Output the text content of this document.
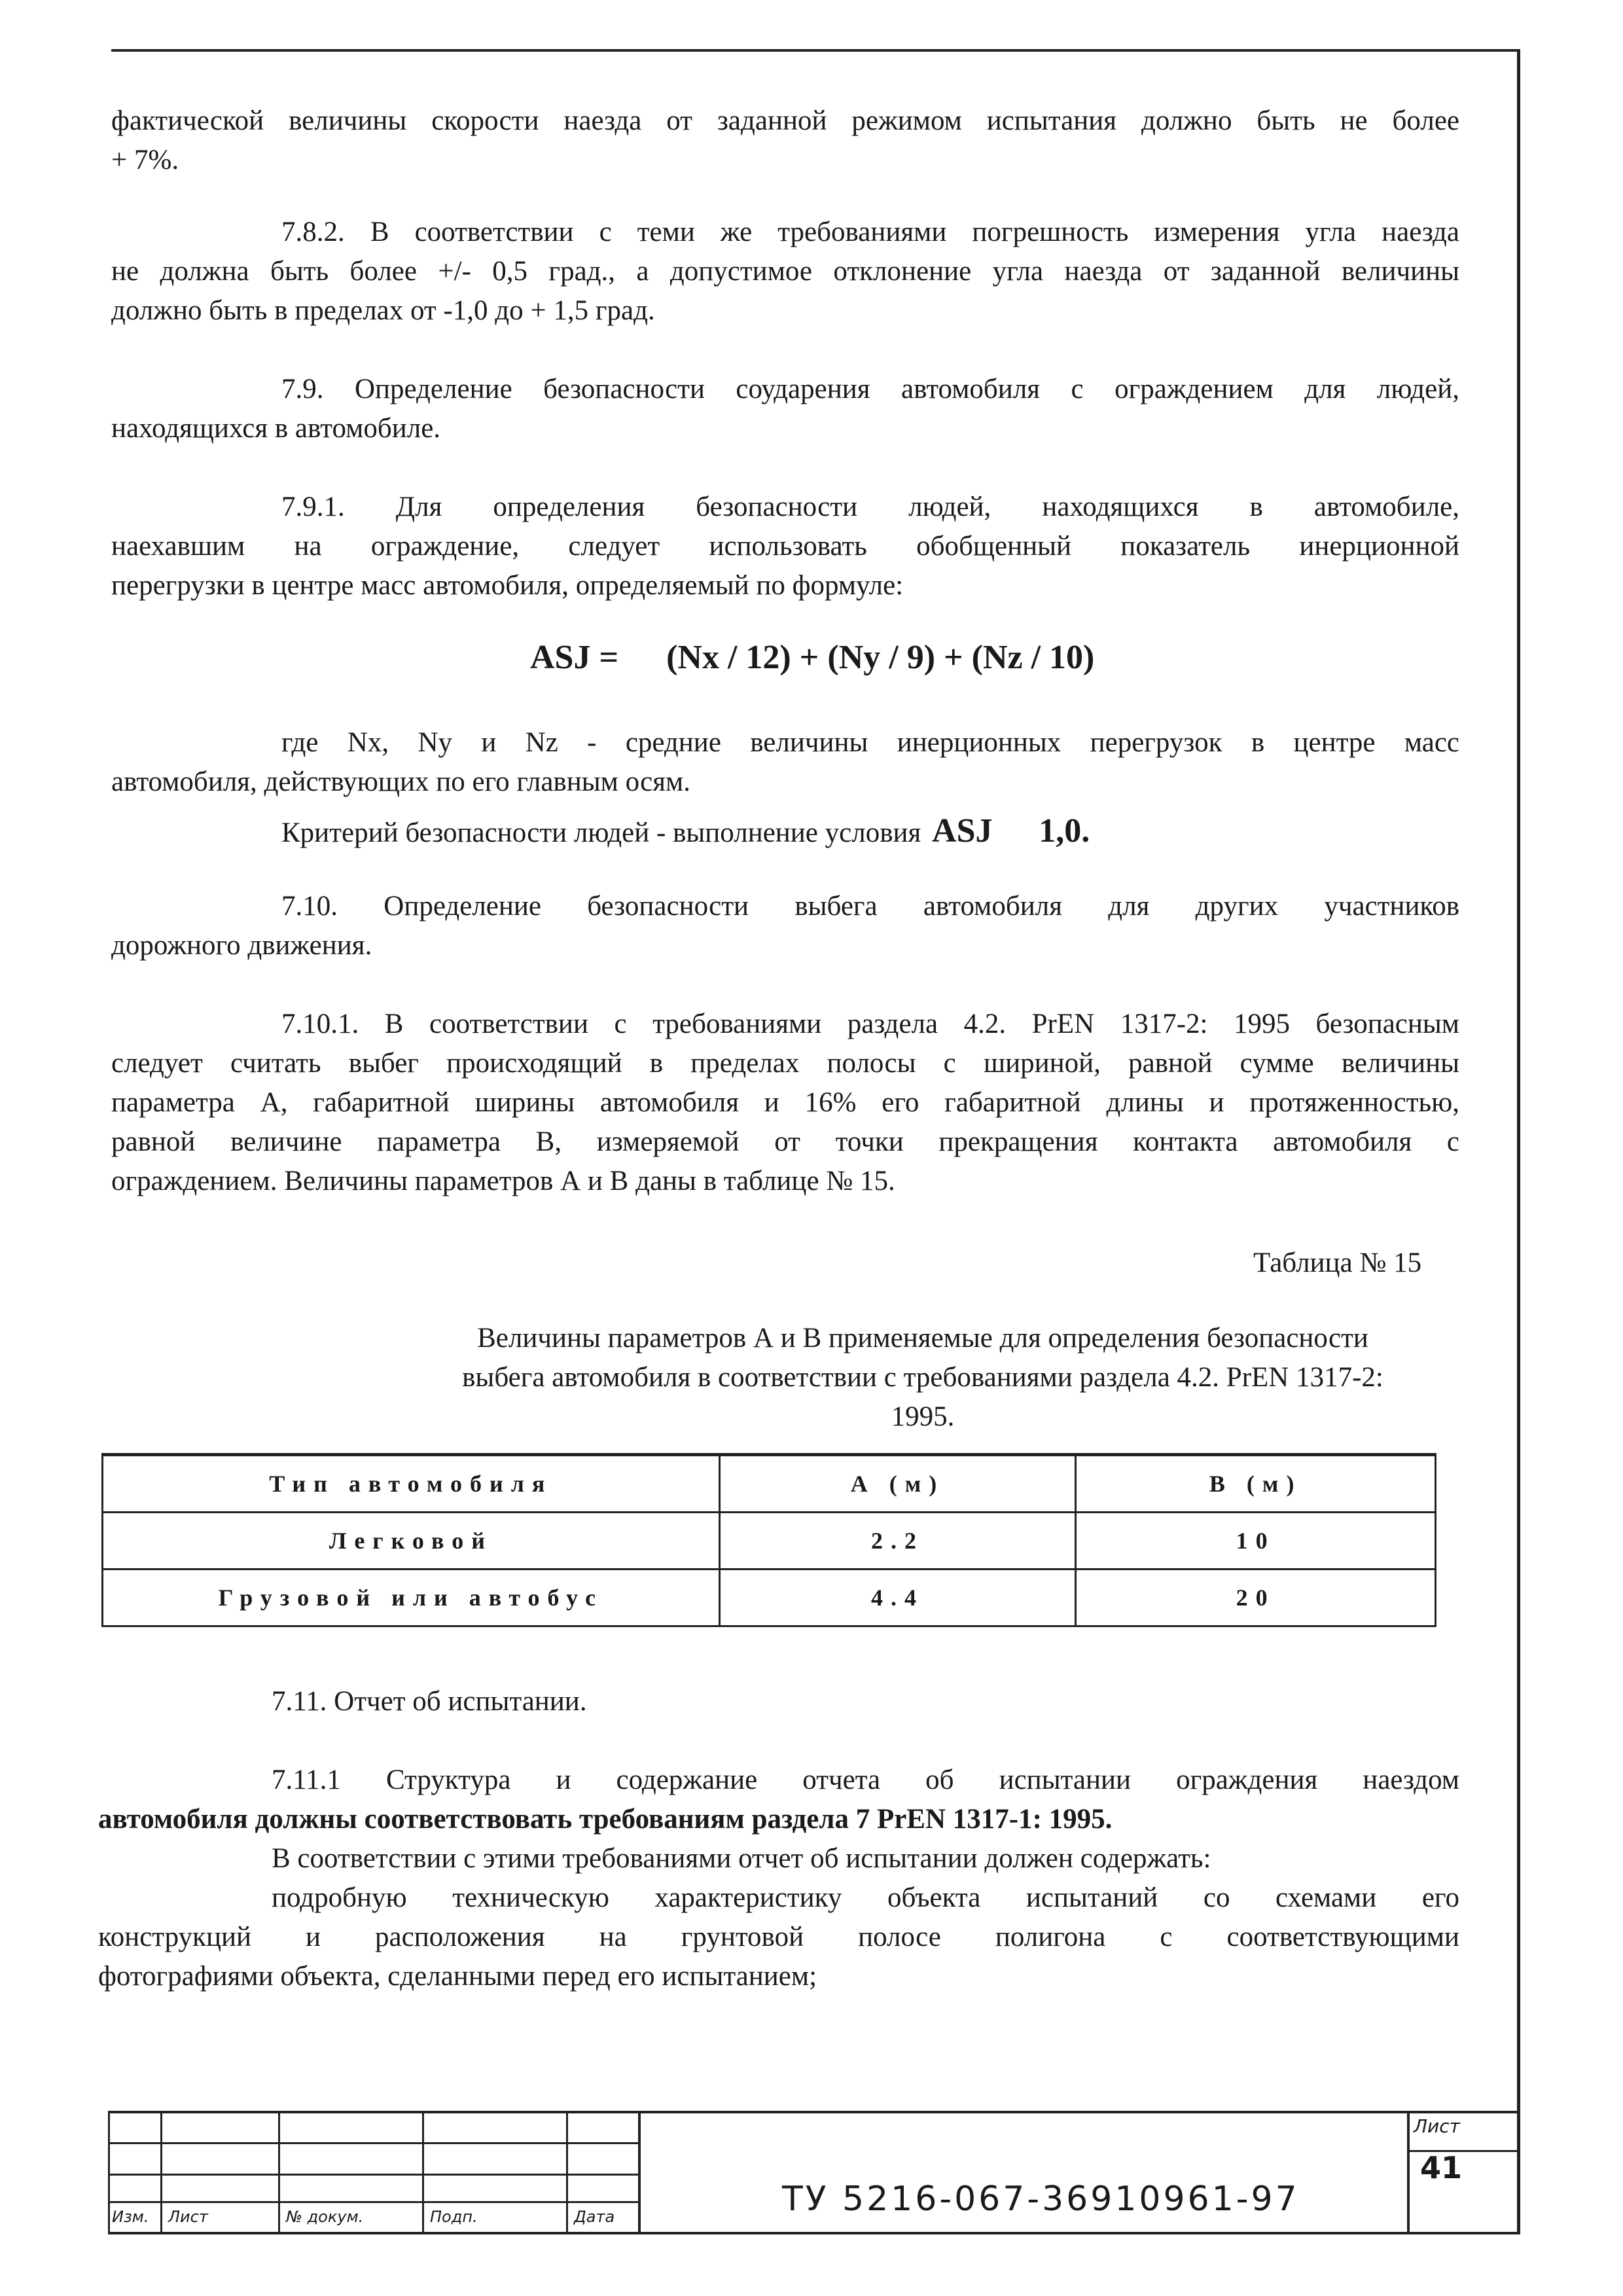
фактической величины скорости наезда от заданной режимом испытания должно быть не более

+ 7%.

7.8.2. В соответствии с теми же требованиями погрешность измерения угла наезда

не должна быть более +/- 0,5 град., а допустимое отклонение угла наезда от заданной величины

должно быть в пределах от -1,0 до + 1,5 град.

7.9. Определение безопасности соударения автомобиля с ограждением для людей,

находящихся в автомобиле.

7.9.1. Для определения безопасности людей, находящихся в автомобиле,

наехавшим на ограждение, следует использовать обобщенный показатель инерционной

перегрузки в центре масс автомобиля, определяемый по формуле:

ASJ = (Nx / 12) + (Ny / 9) + (Nz / 10)

где Nx, Ny и Nz - средние величины инерционных перегрузок в центре масс

автомобиля, действующих по его главным осям.

Критерий безопасности людей - выполнение условия ASJ 1,0.

7.10. Определение безопасности выбега автомобиля для других участников

дорожного движения.

7.10.1. В соответствии с требованиями раздела 4.2. PrEN 1317-2: 1995 безопасным

следует считать выбег происходящий в пределах полосы с шириной, равной сумме величины

параметра А, габаритной ширины автомобиля и 16% его габаритной длины и протяженностью,

равной величине параметра В, измеряемой от точки прекращения контакта автомобиля с

ограждением. Величины параметров А и В даны в таблице № 15.

Таблица № 15

Величины параметров А и В применяемые для определения безопасности

выбега автомобиля в соответствии с требованиями раздела 4.2. PrEN 1317-2:

1995.

Тип автомобиля	А (м)	В (м)
Легковой	2.2	10
Грузовой или автобус	4.4	20

7.11. Отчет об испытании.

7.11.1 Структура и содержание отчета об испытании ограждения наездом

автомобиля должны соответствовать требованиям раздела 7 PrEN 1317-1: 1995.

В соответствии с этими требованиями отчет об испытании должен содержать:

подробную техническую характеристику объекта испытаний со схемами его

конструкций и расположения на грунтовой полосе полигона с соответствующими

фотографиями объекта, сделанными перед его испытанием;

Изм. Лист	№ докум.	Подп.	Дата	ТУ 5216-067-36910961-97
Лист
41
